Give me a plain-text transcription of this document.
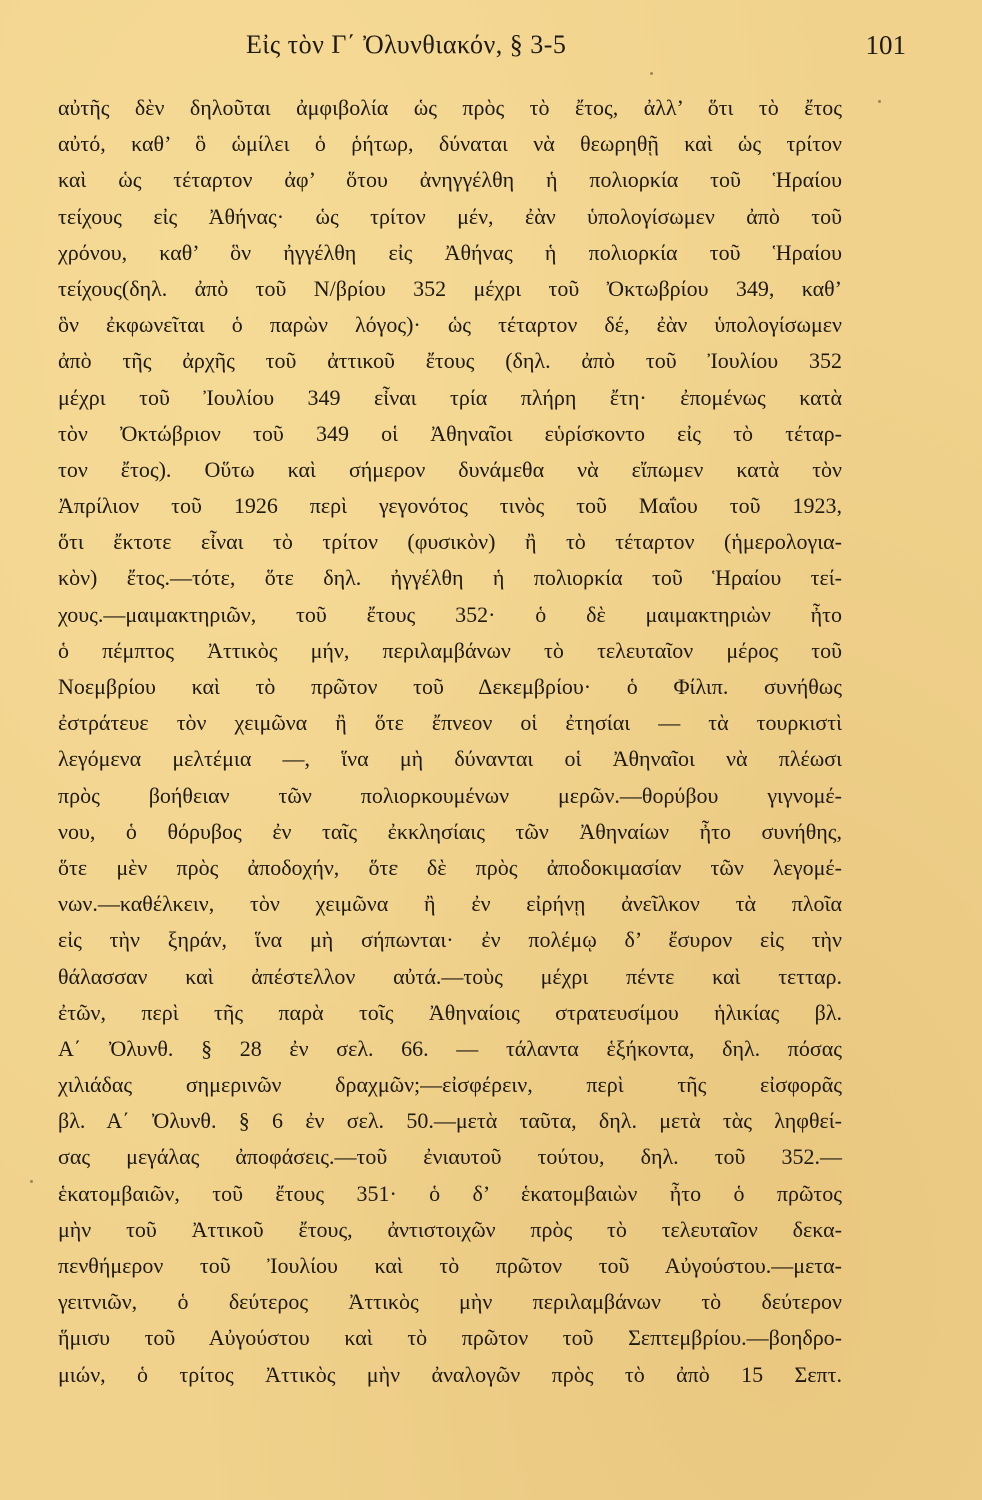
Εἰς τὸν Γ΄ Ὀλυνθιακόν, § 3-5	101
αὐτῆς δὲν δηλοῦται ἀμφιβολία ὡς πρὸς τὸ ἔτος, ἀλλ’ ὅτι τὸ ἔτος
αὐτό, καθ’ ὃ ὡμίλει ὁ ῥήτωρ, δύναται νὰ θεωρηθῇ καὶ ὡς τρίτον
καὶ ὡς τέταρτον ἀφ’ ὅτου ἀνηγγέλθη ἡ πολιορκία τοῦ Ἡραίου
τείχους εἰς Ἀθήνας· ὡς τρίτον μέν, ἐὰν ὑπολογίσωμεν ἀπὸ τοῦ
χρόνου, καθ’ ὃν ἠγγέλθη εἰς Ἀθήνας ἡ πολιορκία τοῦ Ἡραίου
τείχους(δηλ. ἀπὸ τοῦ Ν/βρίου 352 μέχρι τοῦ Ὀκτωβρίου 349, καθ’
ὃν ἐκφωνεῖται ὁ παρὼν λόγος)· ὡς τέταρτον δέ, ἐὰν ὑπολογίσωμεν
ἀπὸ τῆς ἀρχῆς τοῦ ἀττικοῦ ἔτους (δηλ. ἀπὸ τοῦ Ἰουλίου 352
μέχρι τοῦ Ἰουλίου 349 εἶναι τρία πλήρη ἔτη· ἐπομένως κατὰ
τὸν Ὀκτώβριον τοῦ 349 οἱ Ἀθηναῖοι εὑρίσκοντο εἰς τὸ τέταρ-
τον ἔτος). Οὕτω καὶ σήμερον δυνάμεθα νὰ εἴπωμεν κατὰ τὸν
Ἀπρίλιον τοῦ 1926 περὶ γεγονότος τινὸς τοῦ Μαΐου τοῦ 1923,
ὅτι ἔκτοτε εἶναι τὸ τρίτον (φυσικὸν) ἢ τὸ τέταρτον (ἡμερολογια-
κὸν) ἔτος.—τότε, ὅτε δηλ. ἠγγέλθη ἡ πολιορκία τοῦ Ἡραίου τεί-
χους.—μαιμακτηριῶν, τοῦ ἔτους 352· ὁ δὲ μαιμακτηριὼν ἦτο
ὁ πέμπτος Ἀττικὸς μήν, περιλαμβάνων τὸ τελευταῖον μέρος τοῦ
Νοεμβρίου καὶ τὸ πρῶτον τοῦ Δεκεμβρίου· ὁ Φίλιπ. συνήθως
ἐστράτευε τὸν χειμῶνα ἢ ὅτε ἔπνεον οἱ ἐτησίαι — τὰ τουρκιστὶ
λεγόμενα μελτέμια —, ἵνα μὴ δύνανται οἱ Ἀθηναῖοι νὰ πλέωσι
πρὸς βοήθειαν τῶν πολιορκουμένων μερῶν.—θορύβου γιγνομέ-
νου, ὁ θόρυβος ἐν ταῖς ἐκκλησίαις τῶν Ἀθηναίων ἦτο συνήθης,
ὅτε μὲν πρὸς ἀποδοχήν, ὅτε δὲ πρὸς ἀποδοκιμασίαν τῶν λεγομέ-
νων.—καθέλκειν, τὸν χειμῶνα ἢ ἐν εἰρήνῃ ἀνεῖλκον τὰ πλοῖα
εἰς τὴν ξηράν, ἵνα μὴ σήπωνται· ἐν πολέμῳ δ’ ἔσυρον εἰς τὴν
θάλασσαν καὶ ἀπέστελλον αὐτά.—τοὺς μέχρι πέντε καὶ τετταρ.
ἐτῶν, περὶ τῆς παρὰ τοῖς Ἀθηναίοις στρατευσίμου ἡλικίας βλ.
Α΄ Ὀλυνθ. § 28 ἐν σελ. 66. — τάλαντα ἑξήκοντα, δηλ. πόσας
χιλιάδας σημερινῶν δραχμῶν;—εἰσφέρειν, περὶ τῆς εἰσφορᾶς
βλ. Α΄ Ὀλυνθ. § 6 ἐν σελ. 50.—μετὰ ταῦτα, δηλ. μετὰ τὰς ληφθεί-
σας μεγάλας ἀποφάσεις.—τοῦ ἐνιαυτοῦ τούτου, δηλ. τοῦ 352.—
ἑκατομβαιῶν, τοῦ ἔτους 351· ὁ δ’ ἑκατομβαιὼν ἦτο ὁ πρῶτος
μὴν τοῦ Ἀττικοῦ ἔτους, ἀντιστοιχῶν πρὸς τὸ τελευταῖον δεκα-
πενθήμερον τοῦ Ἰουλίου καὶ τὸ πρῶτον τοῦ Αὐγούστου.—μετα-
γειτνιῶν, ὁ δεύτερος Ἀττικὸς μὴν περιλαμβάνων τὸ δεύτερον
ἥμισυ τοῦ Αὐγούστου καὶ τὸ πρῶτον τοῦ Σεπτεμβρίου.—βοηδρο-
μιών, ὁ τρίτος Ἀττικὸς μὴν ἀναλογῶν πρὸς τὸ ἀπὸ 15 Σεπτ.
